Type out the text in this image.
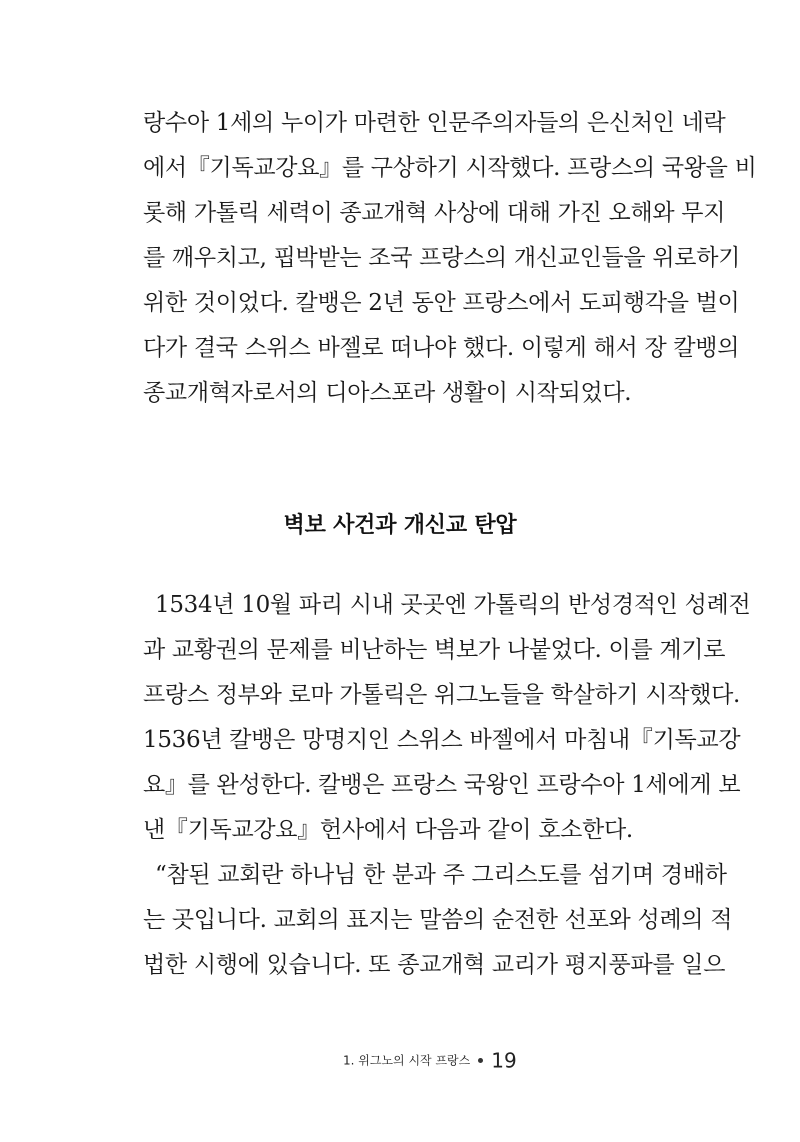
랑수아 1세의 누이가 마련한 인문주의자들의 은신처인 네락
에서『기독교강요』를 구상하기 시작했다. 프랑스의 국왕을 비
롯해 가톨릭 세력이 종교개혁 사상에 대해 가진 오해와 무지
를 깨우치고, 핍박받는 조국 프랑스의 개신교인들을 위로하기
위한 것이었다. 칼뱅은 2년 동안 프랑스에서 도피행각을 벌이
다가 결국 스위스 바젤로 떠나야 했다. 이렇게 해서 장 칼뱅의
종교개혁자로서의 디아스포라 생활이 시작되었다.
벽보 사건과 개신교 탄압
1534년 10월 파리 시내 곳곳엔 가톨릭의 반성경적인 성례전
과 교황권의 문제를 비난하는 벽보가 나붙었다. 이를 계기로
프랑스 정부와 로마 가톨릭은 위그노들을 학살하기 시작했다.
1536년 칼뱅은 망명지인 스위스 바젤에서 마침내『기독교강
요』를 완성한다. 칼뱅은 프랑스 국왕인 프랑수아 1세에게 보
낸『기독교강요』헌사에서 다음과 같이 호소한다.
“참된 교회란 하나님 한 분과 주 그리스도를 섬기며 경배하
는 곳입니다. 교회의 표지는 말씀의 순전한 선포와 성례의 적
법한 시행에 있습니다. 또 종교개혁 교리가 평지풍파를 일으
1. 위그노의 시작 프랑스 19
